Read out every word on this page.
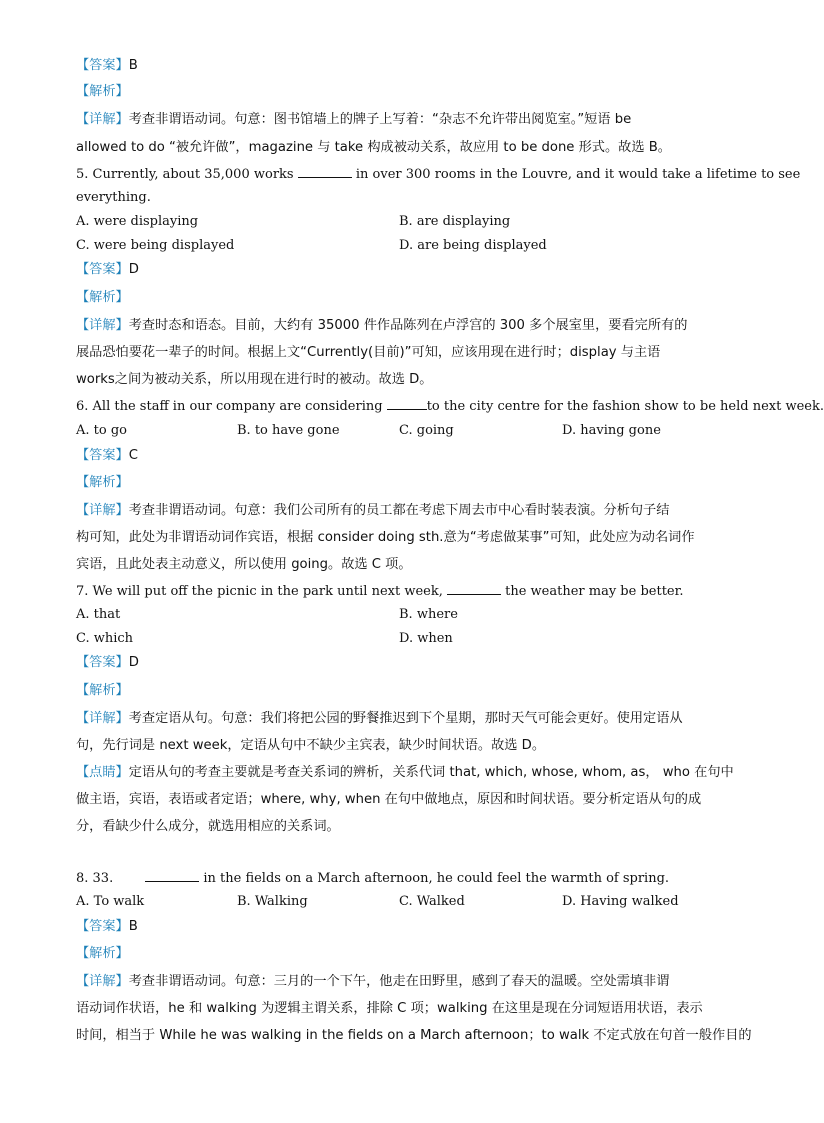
【答案】B
【解析】
【详解】考查非谓语动词。句意：图书馆墙上的牌子上写着：“杂志不允许带出阅览室。”短语 be
allowed to do “被允许做”，magazine 与 take 构成被动关系，故应用 to be done 形式。故选 B。
5. Currently, about 35,000 works	in over 300 rooms in the Louvre, and it would take a lifetime to see
everything.
A. were displaying	B. are displaying
C. were being displayed	D. are being displayed
【答案】D
【解析】
【详解】考查时态和语态。目前，大约有 35000 件作品陈列在卢浮宫的 300 多个展室里，要看完所有的
展品恐怕要花一辈子的时间。根据上文“Currently(目前)”可知，应该用现在进行时；display 与主语
works之间为被动关系，所以用现在进行时的被动。故选 D。
6. All the staff in our company are considering	to the city centre for the fashion show to be held next week.
A. to go	B. to have gone	C. going	D. having gone
【答案】C
【解析】
【详解】考查非谓语动词。句意：我们公司所有的员工都在考虑下周去市中心看时装表演。分析句子结
构可知，此处为非谓语动词作宾语，根据 consider doing sth.意为“考虑做某事”可知，此处应为动名词作
宾语，且此处表主动意义，所以使用 going。故选 C 项。
7. We will put off the picnic in the park until next week,	the weather may be better.
A. that	B. where
C. which	D. when
【答案】D
【解析】
【详解】考查定语从句。句意：我们将把公园的野餐推迟到下个星期，那时天气可能会更好。使用定语从
句，先行词是 next week，定语从句中不缺少主宾表，缺少时间状语。故选 D。
【点睛】定语从句的考查主要就是考查关系词的辨析，关系代词 that, which, whose, whom, as， who 在句中
做主语，宾语，表语或者定语；where, why, when 在句中做地点，原因和时间状语。要分析定语从句的成
分，看缺少什么成分，就选用相应的关系词。
8. 33.	in the fields on a March afternoon, he could feel the warmth of spring.
A. To walk	B. Walking	C. Walked	D. Having walked
【答案】B
【解析】
【详解】考查非谓语动词。句意：三月的一个下午，他走在田野里，感到了春天的温暖。空处需填非谓
语动词作状语，he 和 walking 为逻辑主谓关系，排除 C 项；walking 在这里是现在分词短语用状语，表示
时间，相当于 While he was walking in the fields on a March afternoon；to walk 不定式放在句首一般作目的
